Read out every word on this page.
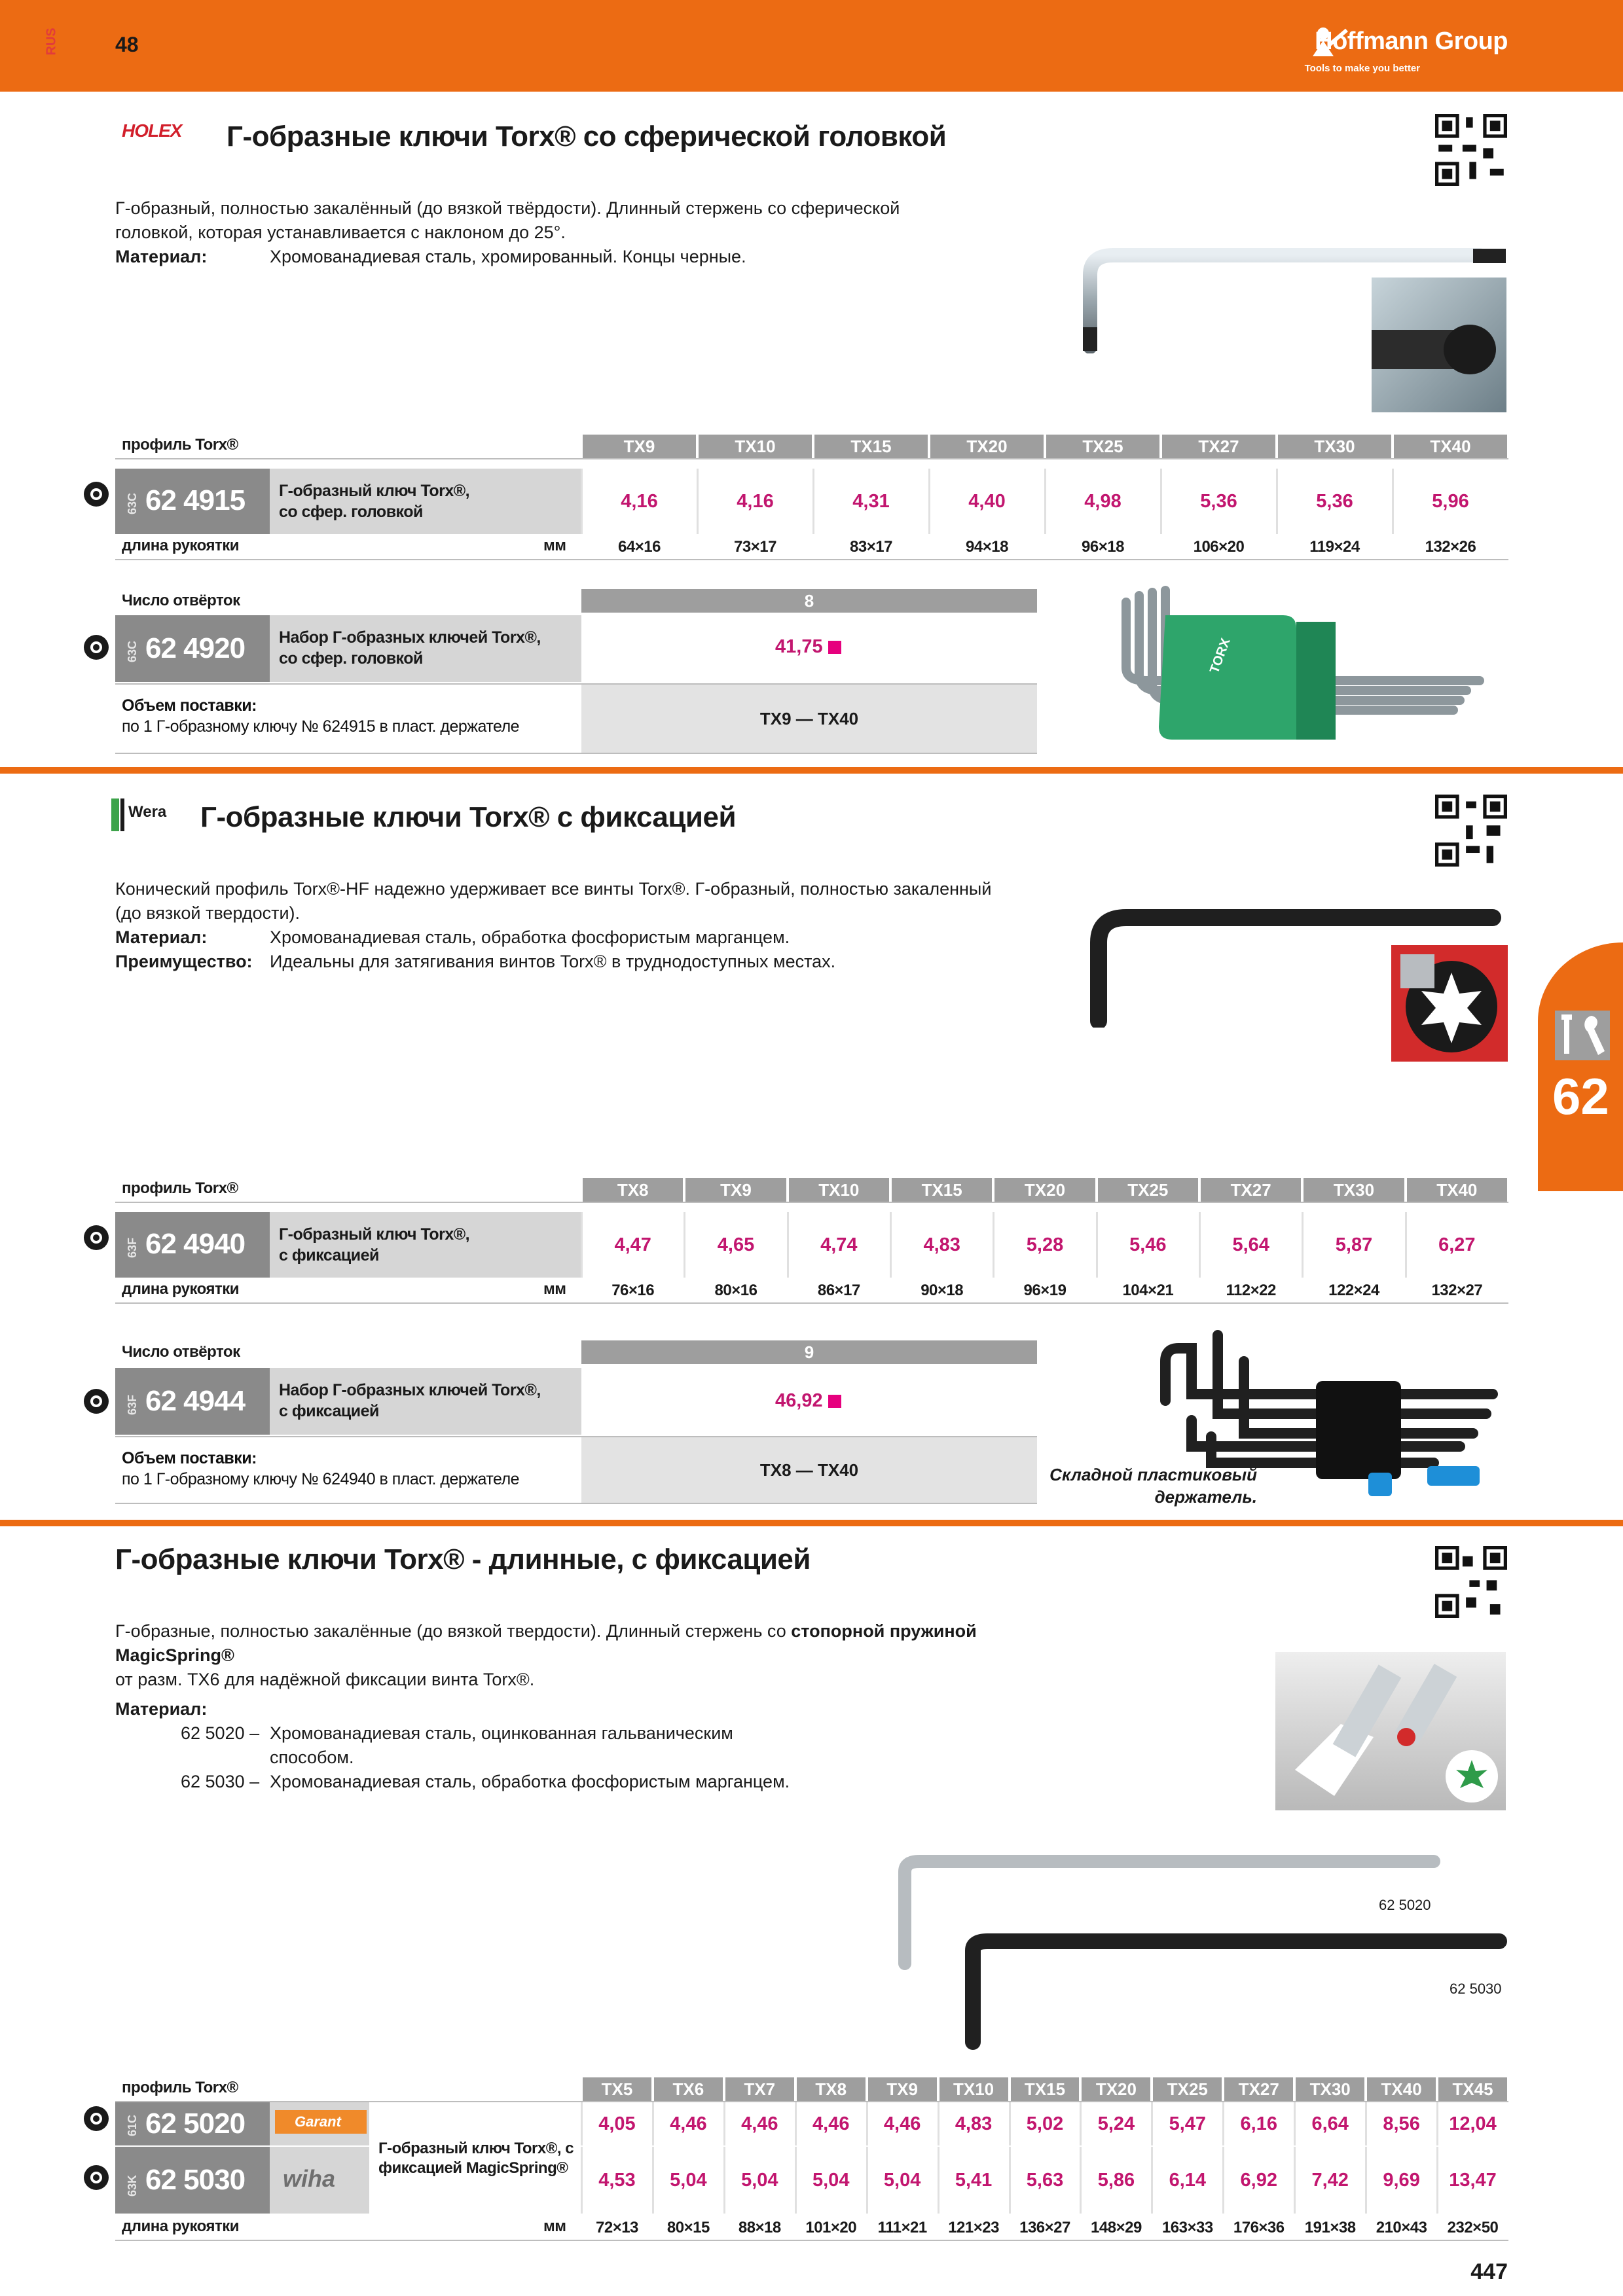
RUS	48	Hoffmann Group
Tools to make you better
62
HOLEX Г-образные ключи Torx® со сферической головкой
Г-образный, полностью закалённый (до вязкой твёрдости). Длинный стержень со сферической
головкой, которая устанавливается с наклоном до 25°.
Материал:	Хромованадиевая сталь, хромированный. Концы черные.
профиль Torx®	TX9	TX10	TX15	TX20	TX25	TX27	TX30	TX40
63C 62 4915 Г-образный ключ Torx®,
со сфер. головкой	4,16	4,16	4,31	4,40	4,98	5,36	5,36	5,96
длина рукоятки	мм	64×16	73×17	83×17	94×18	96×18	106×20	119×24	132×26
Число отвёрток	8
63C 62 4920 Набор Г-образных ключей Torx®,
со сфер. головкой
41,75
Объем поставки:
по 1 Г-образному ключу № 624915 в пласт. держателе	TX9 — TX40
TORX
Wera Г-образные ключи Torx® с фиксацией
Конический профиль Torx®-HF надежно удерживает все винты Torx®. Г-образный, полностью закаленный
(до вязкой твердости).
Материал:	Хромованадиевая сталь, обработка фосфористым марганцем.
Преимущество: Идеальны для затягивания винтов Torx® в труднодоступных местах.
профиль Torx®	TX8	TX9	TX10	TX15	TX20	TX25	TX27	TX30	TX40
63F 62 4940 Г-образный ключ Torx®,
с фиксацией	4,47	4,65	4,74	4,83	5,28	5,46	5,64	5,87	6,27
длина рукоятки	мм	76×16	80×16	86×17	90×18	96×19	104×21	112×22	122×24	132×27
Число отвёрток	9
63F 62 4944 Набор Г-образных ключей Torx®,
с фиксацией	46,92
Объем поставки:
по 1 Г-образному ключу № 624940 в пласт. держателе	TX8 — TX40	Складной пластиковый
держатель.
Г-образные ключи Torx® - длинные, с фиксацией
Г-образные, полностью закалённые (до вязкой твердости). Длинный стержень со стопорной пружиной
MagicSpring®
от разм. TX6 для надёжной фиксации винта Torx®.
Материал:
62 5020 – Хромованадиевая сталь, оцинкованная гальваническим
способом.
62 5030 – Хромованадиевая сталь, обработка фосфористым марганцем.
62 5020
62 5030
профиль Torx®	TX5	TX6	TX7	TX8	TX9	TX10	TX15	TX20	TX25	TX27	TX30	TX40	TX45
61C 62 5020
63K 62 5030
Garant
wiha
Г-образный ключ Torx®, с
фиксацией MagicSpring®
4,05	4,46	4,46	4,46	4,46	4,83	5,02	5,24	5,47	6,16	6,64	8,56	12,04
4,53	5,04	5,04	5,04	5,04	5,41	5,63	5,86	6,14	6,92	7,42	9,69	13,47
длина рукоятки	мм	72×13	80×15	88×18	101×20	111×21	121×23	136×27	148×29	163×33	176×36	191×38	210×43	232×50
447
